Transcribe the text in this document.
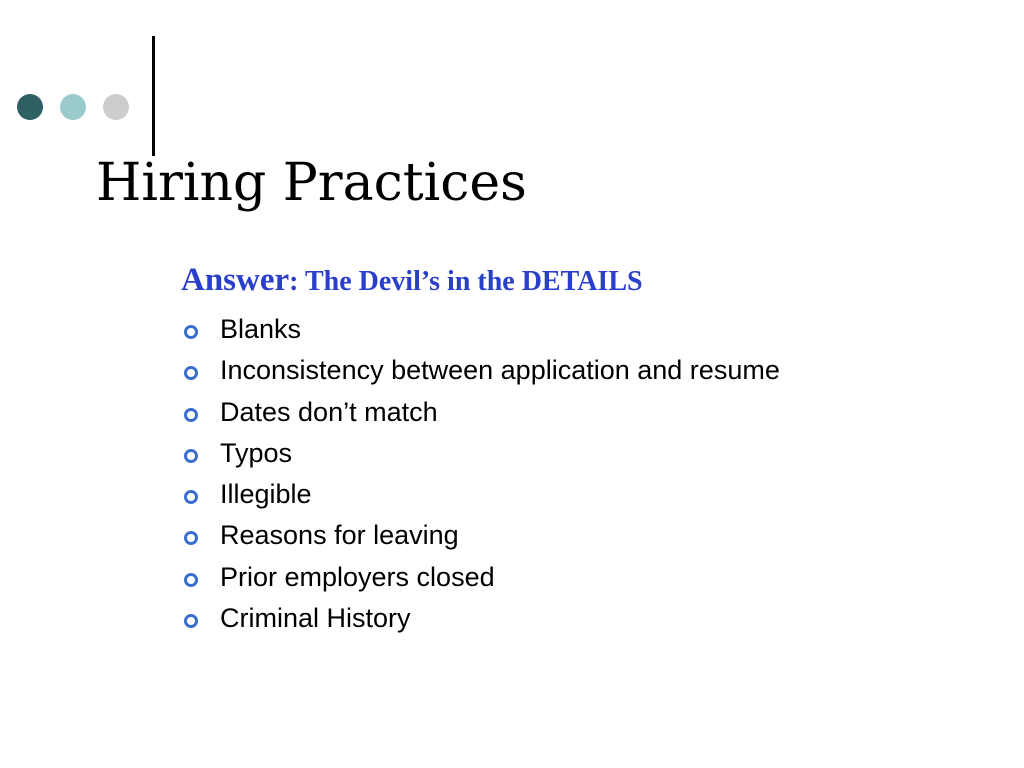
Hiring Practices
Answer: The Devil’s in the DETAILS
Blanks
Inconsistency between application and resume
Dates don’t match
Typos
Illegible
Reasons for leaving
Prior employers closed
Criminal History
